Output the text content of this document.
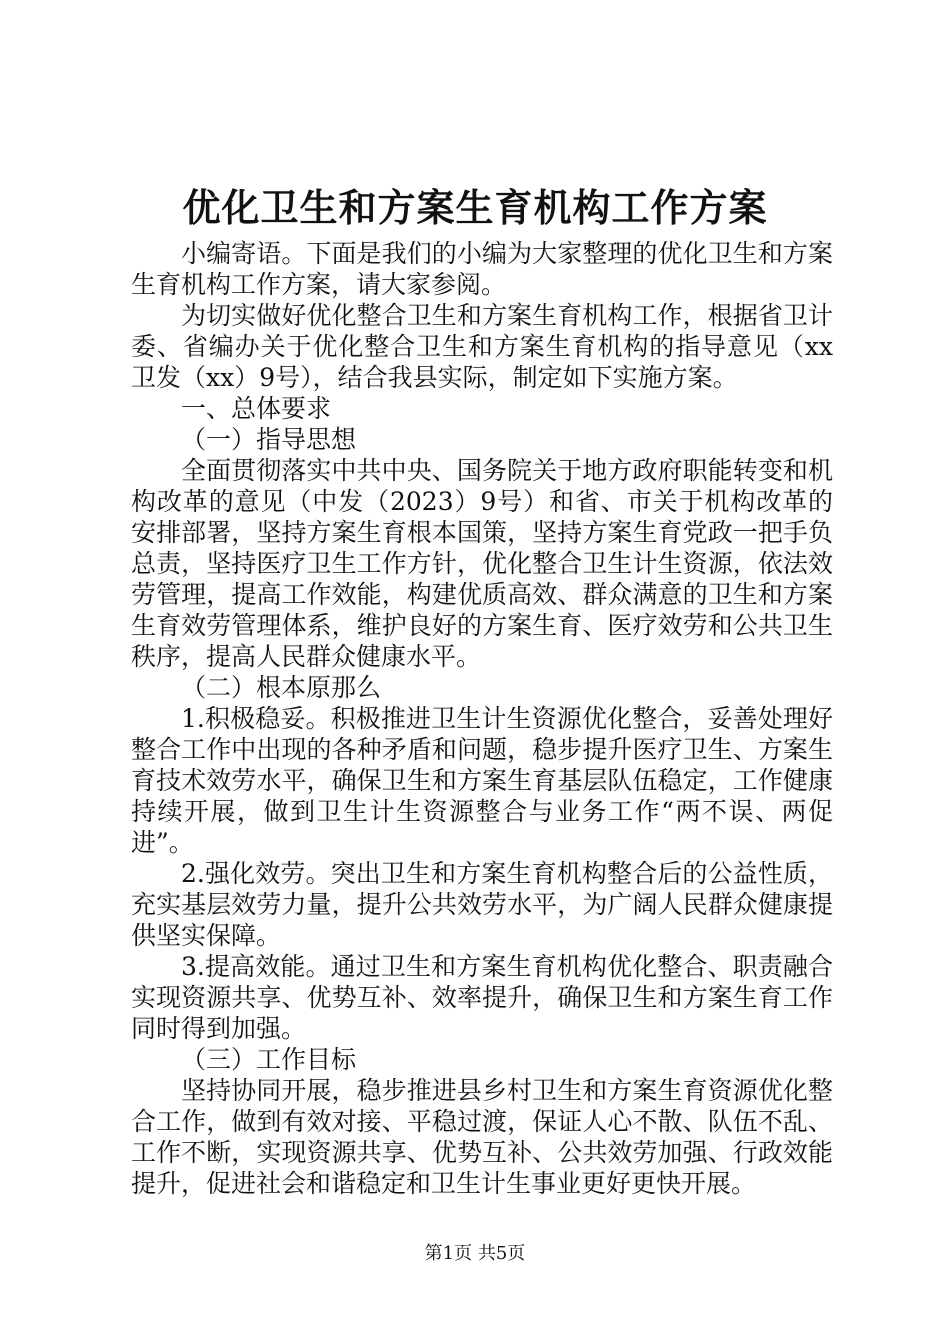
优化卫生和方案生育机构工作方案

小编寄语。下面是我们的小编为大家整理的优化卫生和方案生育机构工作方案，请大家参阅。

为切实做好优化整合卫生和方案生育机构工作，根据省卫计委、省编办关于优化整合卫生和方案生育机构的指导意见（xx卫发（xx）9号），结合我县实际，制定如下实施方案。

一、总体要求

（一）指导思想

全面贯彻落实中共中央、国务院关于地方政府职能转变和机构改革的意见（中发（2023）9号）和省、市关于机构改革的安排部署，坚持方案生育根本国策，坚持方案生育党政一把手负总责，坚持医疗卫生工作方针，优化整合卫生计生资源，依法效劳管理，提高工作效能，构建优质高效、群众满意的卫生和方案生育效劳管理体系，维护良好的方案生育、医疗效劳和公共卫生秩序，提高人民群众健康水平。

（二）根本原那么

1.积极稳妥。积极推进卫生计生资源优化整合，妥善处理好整合工作中出现的各种矛盾和问题，稳步提升医疗卫生、方案生育技术效劳水平，确保卫生和方案生育基层队伍稳定，工作健康持续开展，做到卫生计生资源整合与业务工作“两不误、两促进”。

2.强化效劳。突出卫生和方案生育机构整合后的公益性质，充实基层效劳力量，提升公共效劳水平，为广阔人民群众健康提供坚实保障。

3.提高效能。通过卫生和方案生育机构优化整合、职责融合实现资源共享、优势互补、效率提升，确保卫生和方案生育工作同时得到加强。

（三）工作目标

坚持协同开展，稳步推进县乡村卫生和方案生育资源优化整合工作，做到有效对接、平稳过渡，保证人心不散、队伍不乱、工作不断，实现资源共享、优势互补、公共效劳加强、行政效能提升，促进社会和谐稳定和卫生计生事业更好更快开展。

第1页 共5页
